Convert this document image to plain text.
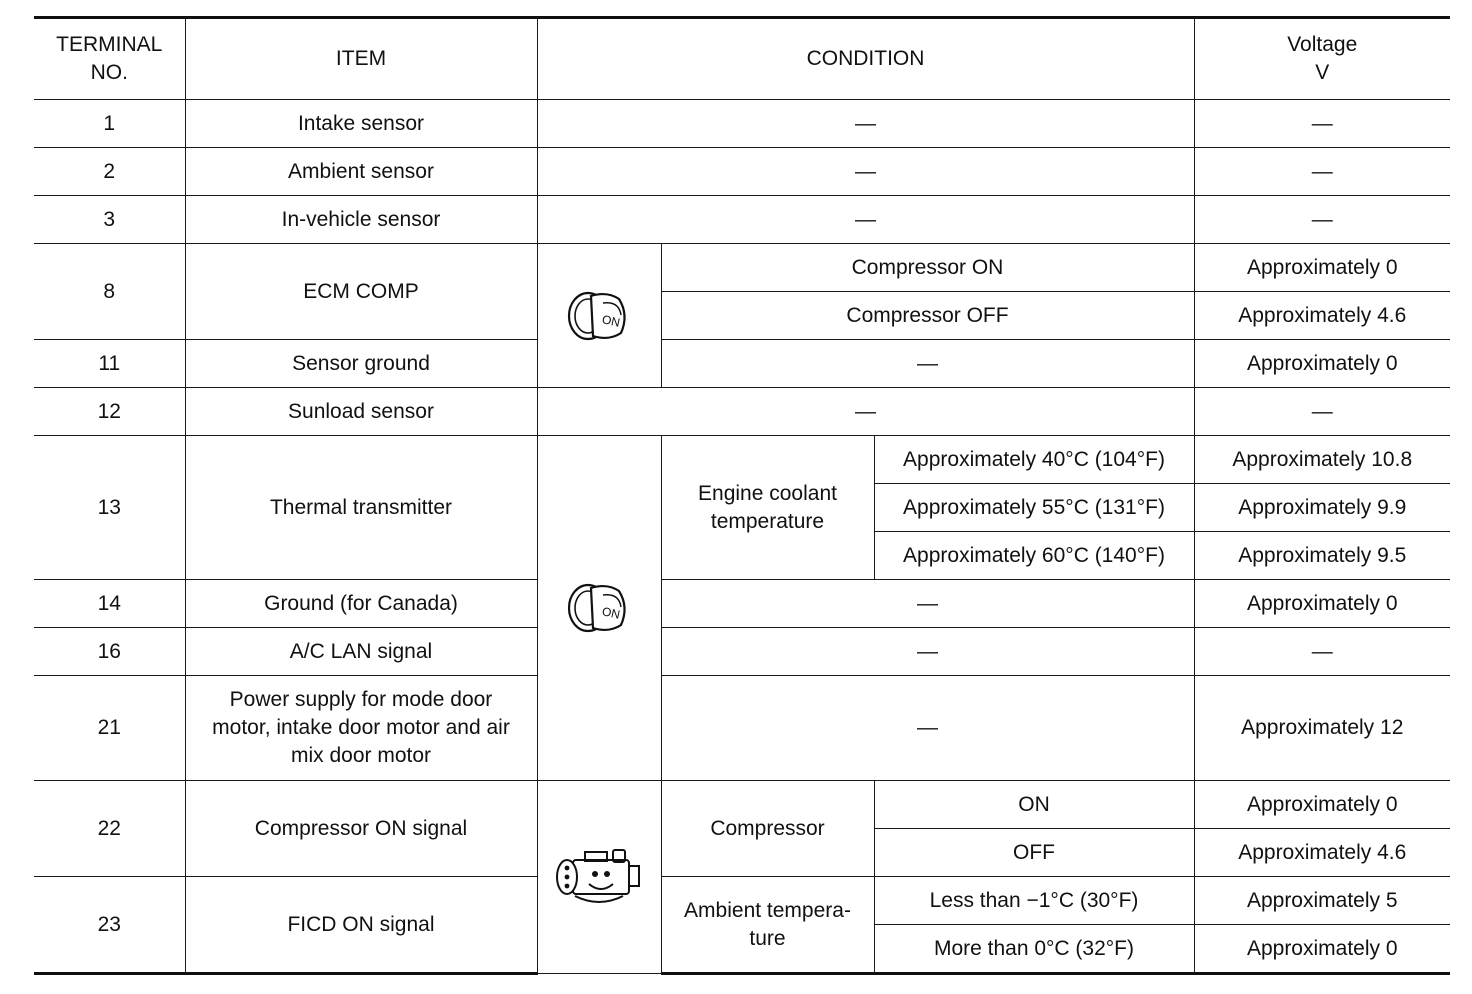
TERMINAL NO.	ITEM	CONDITION			Voltage
V
1	Intake sensor	—			—
2	Ambient sensor	—			—
3	In-vehicle sensor	—			—
8	ECM COMP	ON	Compressor ON		Approximately 0
			Compressor OFF		Approximately 4.6
11	Sensor ground		—		Approximately 0
12	Sunload sensor	—			—
13	Thermal transmitter	ON	Engine coolant temperature	Approximately 40°C (104°F)	Approximately 10.8
				Approximately 55°C (131°F)	Approximately 9.9
				Approximately 60°C (140°F)	Approximately 9.5
14	Ground (for Canada)		—		Approximately 0
16	A/C LAN signal		—		—
21	Power supply for mode door motor, intake door motor and air mix door motor		—		Approximately 12
22	Compressor ON signal		Compressor	ON	Approximately 0
				OFF	Approximately 4.6
23	FICD ON signal		Ambient tempera- ture	Less than −1°C (30°F)	Approximately 5
				More than 0°C (32°F)	Approximately 0
